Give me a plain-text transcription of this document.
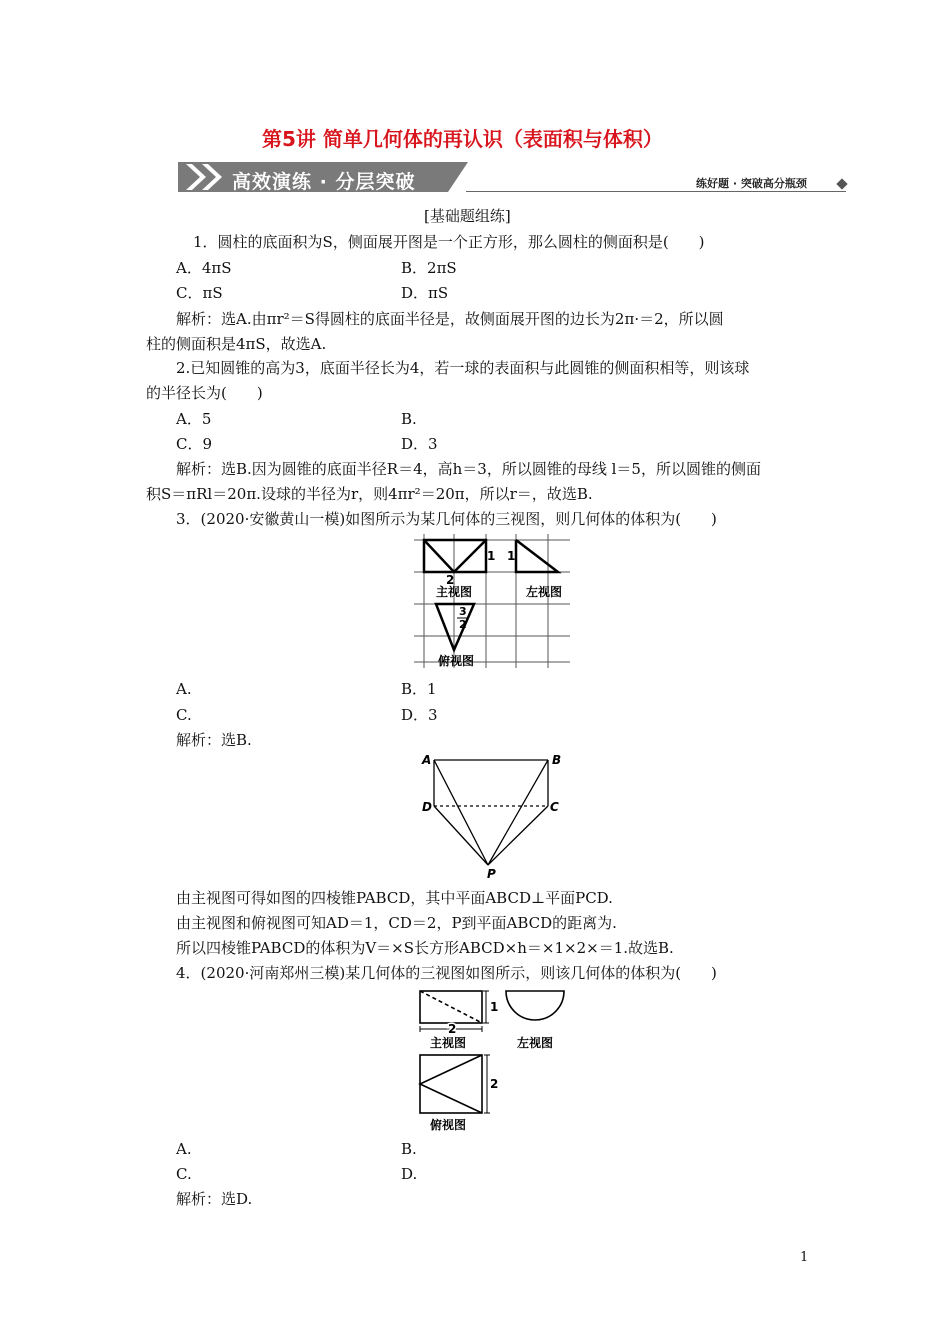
第5讲 简单几何体的再认识（表面积与体积）
高效演练 · 分层突破	练好题 · 突破高分瓶颈
[基础题组练]
1．圆柱的底面积为S，侧面展开图是一个正方形，那么圆柱的侧面积是(　　)
A．4πS	B．2πS
C．πS	D．πS
解析：选A.由πr²＝S得圆柱的底面半径是，故侧面展开图的边长为2π·＝2，所以圆
柱的侧面积是4πS，故选A.
2.已知圆锥的高为3，底面半径长为4，若一球的表面积与此圆锥的侧面积相等，则该球
的半径长为(　　)
A．5	B.
C．9	D．3
解析：选B.因为圆锥的底面半径R＝4，高h＝3，所以圆锥的母线 l＝5，所以圆锥的侧面
积S＝πRl＝20π.设球的半径为r，则4πr²＝20π，所以r＝，故选B.
3．(2020·安徽黄山一模)如图所示为某几何体的三视图，则几何体的体积为(　　)
1 1
2
主视图	左视图
3
2
俯视图
A.	B．1
C.	D．3
解析：选B.
A	B
C
D
P
由主视图可得如图的四棱锥PABCD，其中平面ABCD⊥平面PCD.
由主视图和俯视图可知AD＝1，CD＝2，P到平面ABCD的距离为.
所以四棱锥PABCD的体积为V＝×S长方形ABCD×h＝×1×2×＝1.故选B.
4．(2020·河南郑州三模)某几何体的三视图如图所示，则该几何体的体积为(　　)
2
1
2
主视图	左视图
俯视图
A.	B.
C.	D.
解析：选D.
1
